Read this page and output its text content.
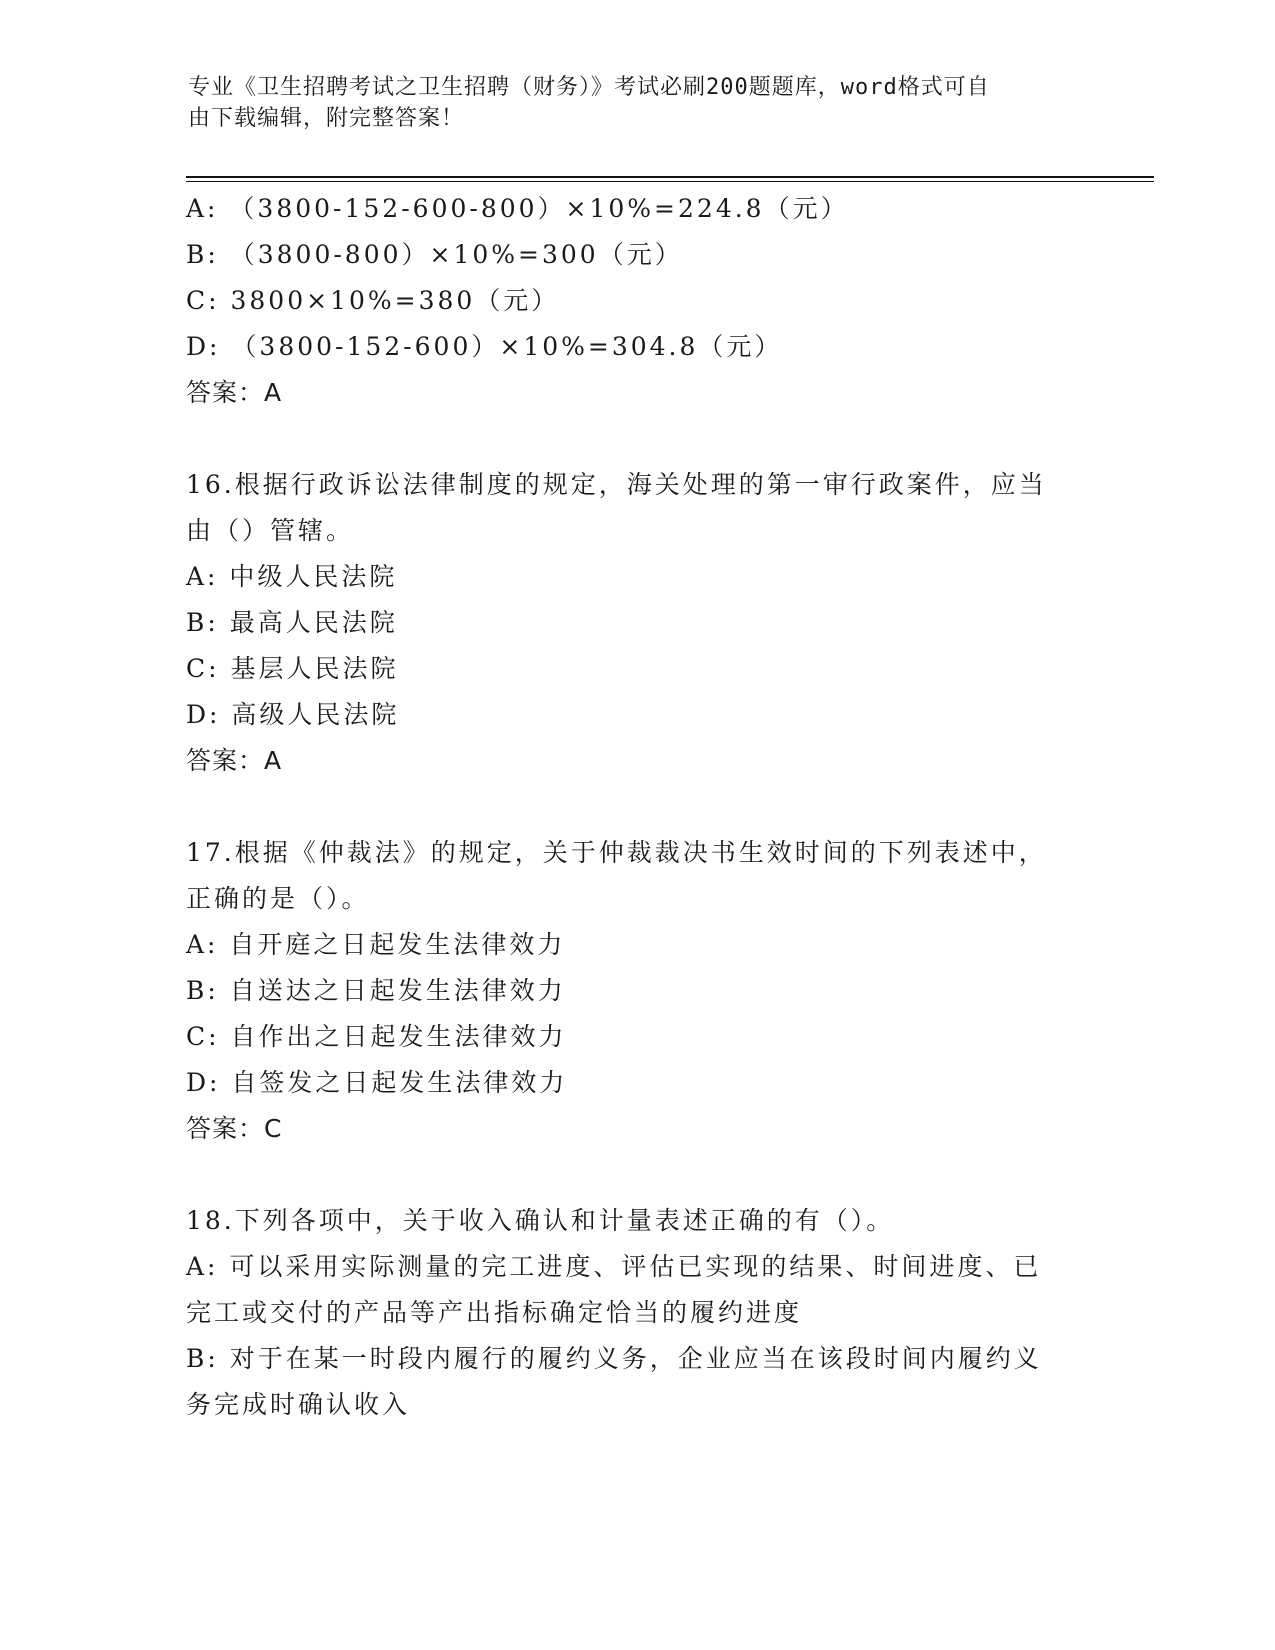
专业《卫生招聘考试之卫生招聘（财务）》考试必刷200题题库，word格式可自
由下载编辑，附完整答案！
A: （3800-152-600-800）×10%=224.8（元）
B: （3800-800）×10%=300（元）
C: 3800×10%=380（元）
D: （3800-152-600）×10%=304.8（元）
答案：A
16.根据行政诉讼法律制度的规定，海关处理的第一审行政案件，应当
由（）管辖。
A: 中级人民法院
B: 最高人民法院
C: 基层人民法院
D: 高级人民法院
答案：A
17.根据《仲裁法》的规定，关于仲裁裁决书生效时间的下列表述中，
正确的是（）。
A: 自开庭之日起发生法律效力
B: 自送达之日起发生法律效力
C: 自作出之日起发生法律效力
D: 自签发之日起发生法律效力
答案：C
18.下列各项中，关于收入确认和计量表述正确的有（）。
A: 可以采用实际测量的完工进度、评估已实现的结果、时间进度、已
完工或交付的产品等产出指标确定恰当的履约进度
B: 对于在某一时段内履行的履约义务，企业应当在该段时间内履约义
务完成时确认收入
